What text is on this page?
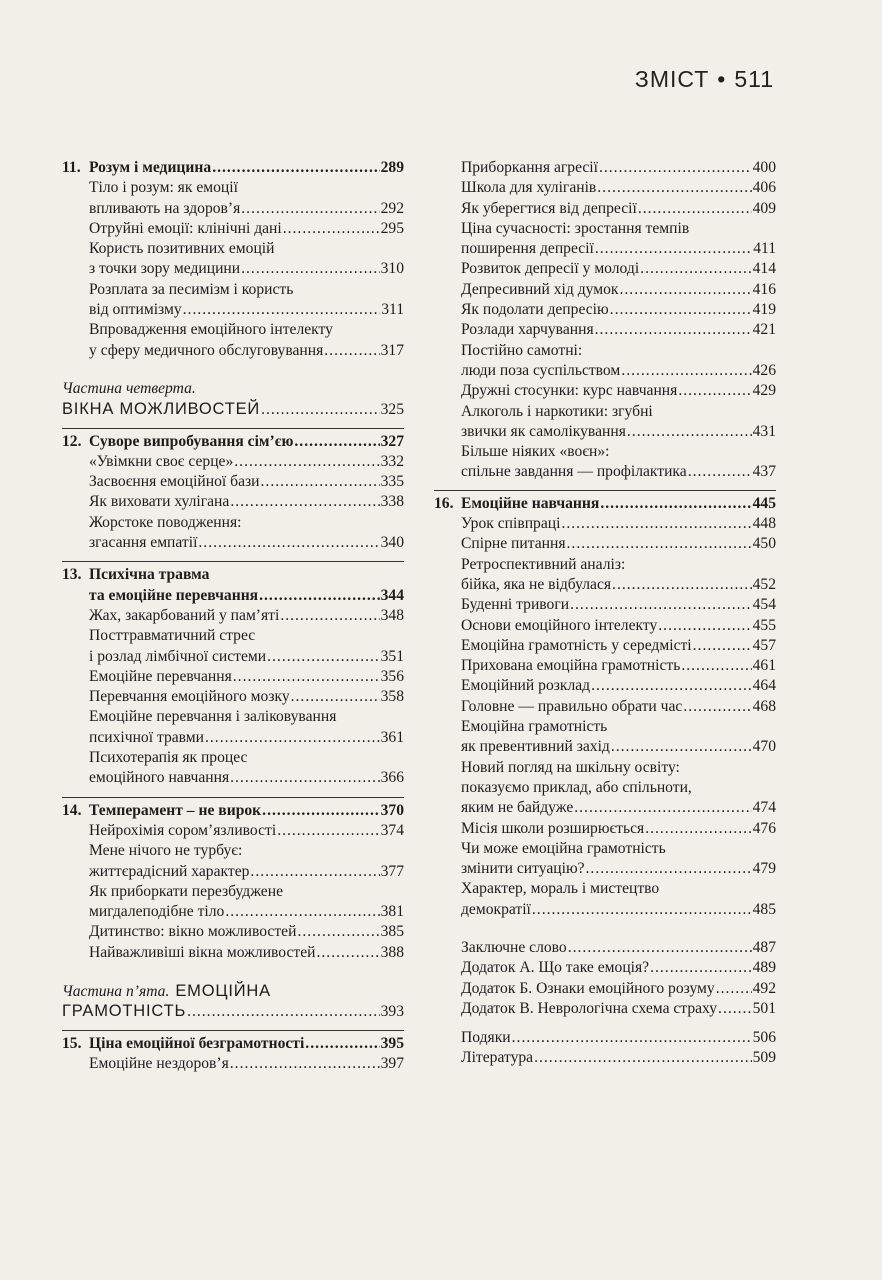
ЗМІСТ • 511
11. Розум і медицина .....	289
Тіло і розум: як емоції
впливають на здоров’я .....	292
Отруйні емоції: клінічні дані .....	295
Користь позитивних емоцій
з точки зору медицини .....	310
Розплата за песимізм і користь
від оптимізму .....	311
Впровадження емоційного інтелекту
у сферу медичного обслуговування .....	317
Частина четверта.
ВІКНА МОЖЛИВОСТЕЙ .....	325
12. Суворе випробування сім’єю .....	327
«Увімкни своє серце» .....	332
Засвоєння емоційної бази .....	335
Як виховати хулігана .....	338
Жорстоке поводження:
згасання емпатії .....	340
13. Психічна травма
та емоційне перевчання .....	344
Жах, закарбований у пам’яті .....	348
Посттравматичний стрес
і розлад лімбічної системи .....	351
Емоційне перевчання .....	356
Перевчання емоційного мозку .....	358
Емоційне перевчання і заліковування
психічної травми .....	361
Психотерапія як процес
емоційного навчання .....	366
14. Темперамент – не вирок .....	370
Нейрохімія сором’язливості .....	374
Мене нічого не турбує:
життєрадісний характер .....	377
Як приборкати перезбуджене
мигдалеподібне тіло .....	381
Дитинство: вікно можливостей .....	385
Найважливіші вікна можливостей .....	388
Частина п’ята. ЕМОЦІЙНА
ГРАМОТНІСТЬ .....	393
15. Ціна емоційної безграмотності .....	395
Емоційне нездоров’я .....	397
Приборкання агресії .....	400
Школа для хуліганів .....	406
Як уберегтися від депресії .....	409
Ціна сучасності: зростання темпів
поширення депресії .....	411
Розвиток депресії у молоді .....	414
Депресивний хід думок .....	416
Як подолати депресію .....	419
Розлади харчування .....	421
Постійно самотні:
люди поза суспільством .....	426
Дружні стосунки: курс навчання .....	429
Алкоголь і наркотики: згубні
звички як самолікування .....	431
Більше ніяких «воєн»:
спільне завдання — профілактика .....	437
16. Емоційне навчання .....	445
Урок співпраці .....	448
Спірне питання .....	450
Ретроспективний аналіз:
бійка, яка не відбулася .....	452
Буденні тривоги .....	454
Основи емоційного інтелекту .....	455
Емоційна грамотність у середмісті .....	457
Прихована емоційна грамотність .....	461
Емоційний розклад .....	464
Головне — правильно обрати час .....	468
Емоційна грамотність
як превентивний захід .....	470
Новий погляд на шкільну освіту:
показуємо приклад, або спільноти,
яким не байдуже .....	474
Місія школи розширюється .....	476
Чи може емоційна грамотність
змінити ситуацію? .....	479
Характер, мораль і мистецтво
демократії .....	485
Заключне слово .....	487
Додаток А. Що таке емоція? .....	489
Додаток Б. Ознаки емоційного розуму ..... 492
Додаток В. Неврологічна схема страху ..... 501
Подяки .....	506
Література .....	509
